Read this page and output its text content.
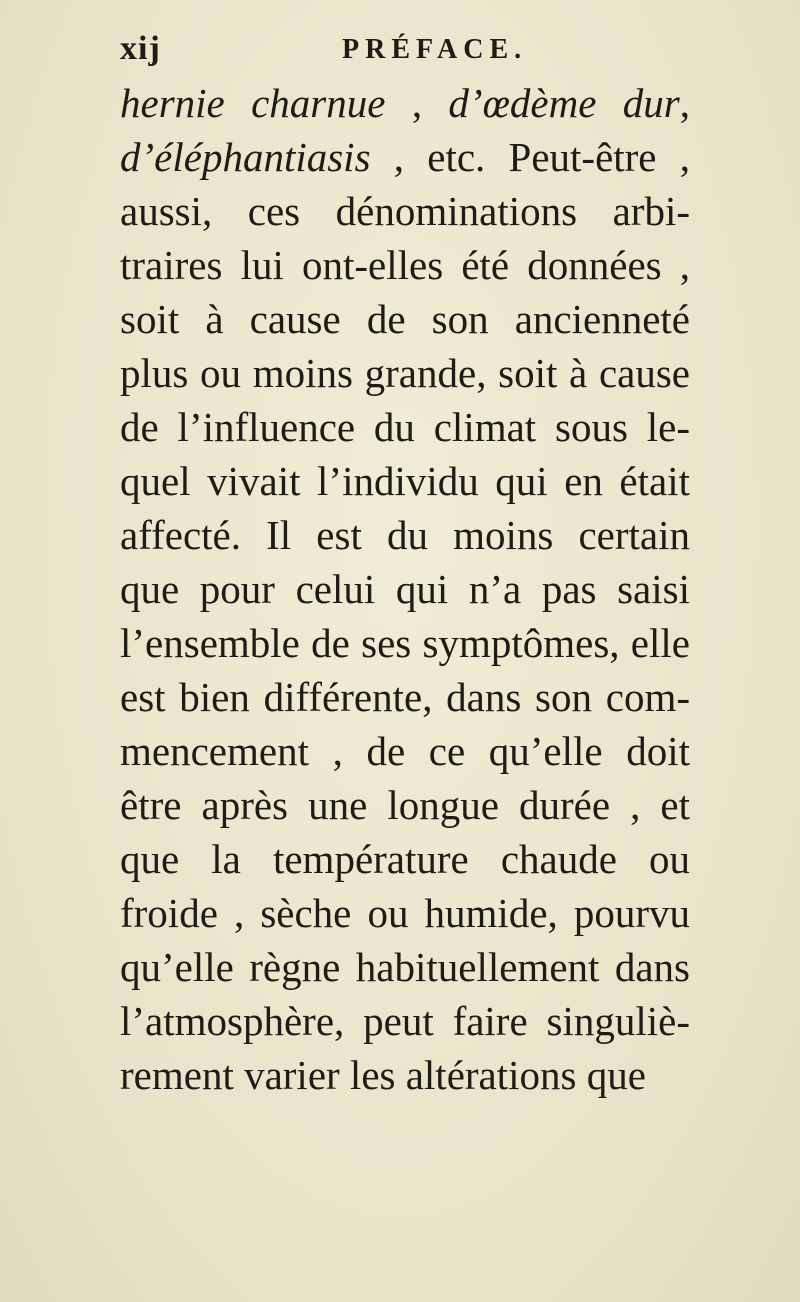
xij	PRÉFACE.
hernie charnue , d’œdème dur,
d’éléphantiasis , etc. Peut-être ,
aussi, ces dénominations arbi-
traires lui ont-elles été données ,
soit à cause de son ancienneté
plus ou moins grande, soit à cause
de l’influence du climat sous le-
quel vivait l’individu qui en était
affecté. Il est du moins certain
que pour celui qui n’a pas saisi
l’ensemble de ses symptômes, elle
est bien différente, dans son com-
mencement , de ce qu’elle doit
être après une longue durée , et
que la température chaude ou
froide , sèche ou humide, pourvu
qu’elle règne habituellement dans
l’atmosphère, peut faire singuliè-
rement varier les altérations que
